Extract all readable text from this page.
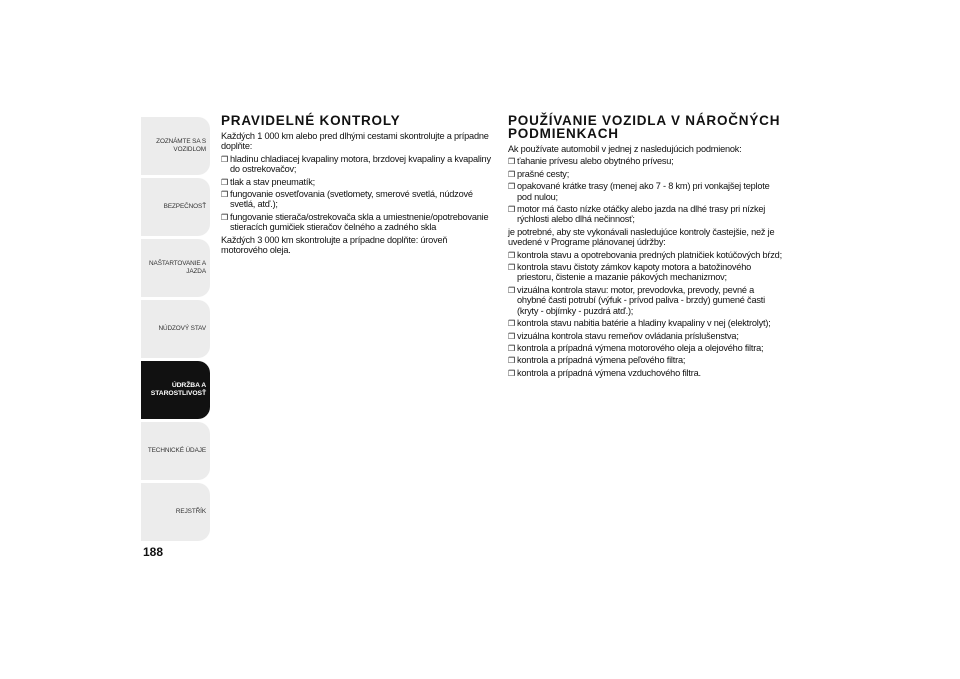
ZOZNÁMTE SA S VOZIDLOM
BEZPEČNOSŤ
NAŠTARTOVANIE A JAZDA
NÚDZOVÝ STAV
ÚDRŽBA A STAROSTLIVOSŤ
TECHNICKÉ ÚDAJE
REJSTŘÍK
188
PRAVIDELNÉ KONTROLY

Každých 1 000 km alebo pred dlhými cestami skontrolujte a prípadne doplňte:

❒ hladinu chladiacej kvapaliny motora, brzdovej kvapaliny a kvapaliny do ostrekovačov;
❒ tlak a stav pneumatík;
❒ fungovanie osvetľovania (svetlomety, smerové svetlá, núdzové svetlá, atď.);
❒ fungovanie stierača/ostrekovača skla a umiestnenie/opotrebovanie stieracích gumičiek stieračov čelného a zadného skla

Každých 3 000 km skontrolujte a prípadne doplňte: úroveň motorového oleja.

POUŽÍVANIE VOZIDLA V NÁROČNÝCH PODMIENKACH

Ak používate automobil v jednej z nasledujúcich podmienok:

❒ ťahanie prívesu alebo obytného prívesu;
❒ prašné cesty;
❒ opakované krátke trasy (menej ako 7 - 8 km) pri vonkajšej teplote pod nulou;
❒ motor má často nízke otáčky alebo jazda na dlhé trasy pri nízkej rýchlosti alebo dlhá nečinnosť;

je potrebné, aby ste vykonávali nasledujúce kontroly častejšie, než je uvedené v Programe plánovanej údržby:

❒ kontrola stavu a opotrebovania predných platničiek kotúčových bŕzd;
❒ kontrola stavu čistoty zámkov kapoty motora a batožinového priestoru, čistenie a mazanie pákových mechanizmov;
❒ vizuálna kontrola stavu: motor, prevodovka, prevody, pevné a ohybné časti potrubí (výfuk - prívod paliva - brzdy) gumené časti (kryty - objímky - puzdrá atď.);
❒ kontrola stavu nabitia batérie a hladiny kvapaliny v nej (elektrolyt);
❒ vizuálna kontrola stavu remeňov ovládania príslušenstva;
❒ kontrola a prípadná výmena motorového oleja a olejového filtra;
❒ kontrola a prípadná výmena peľového filtra;
❒ kontrola a prípadná výmena vzduchového filtra.
